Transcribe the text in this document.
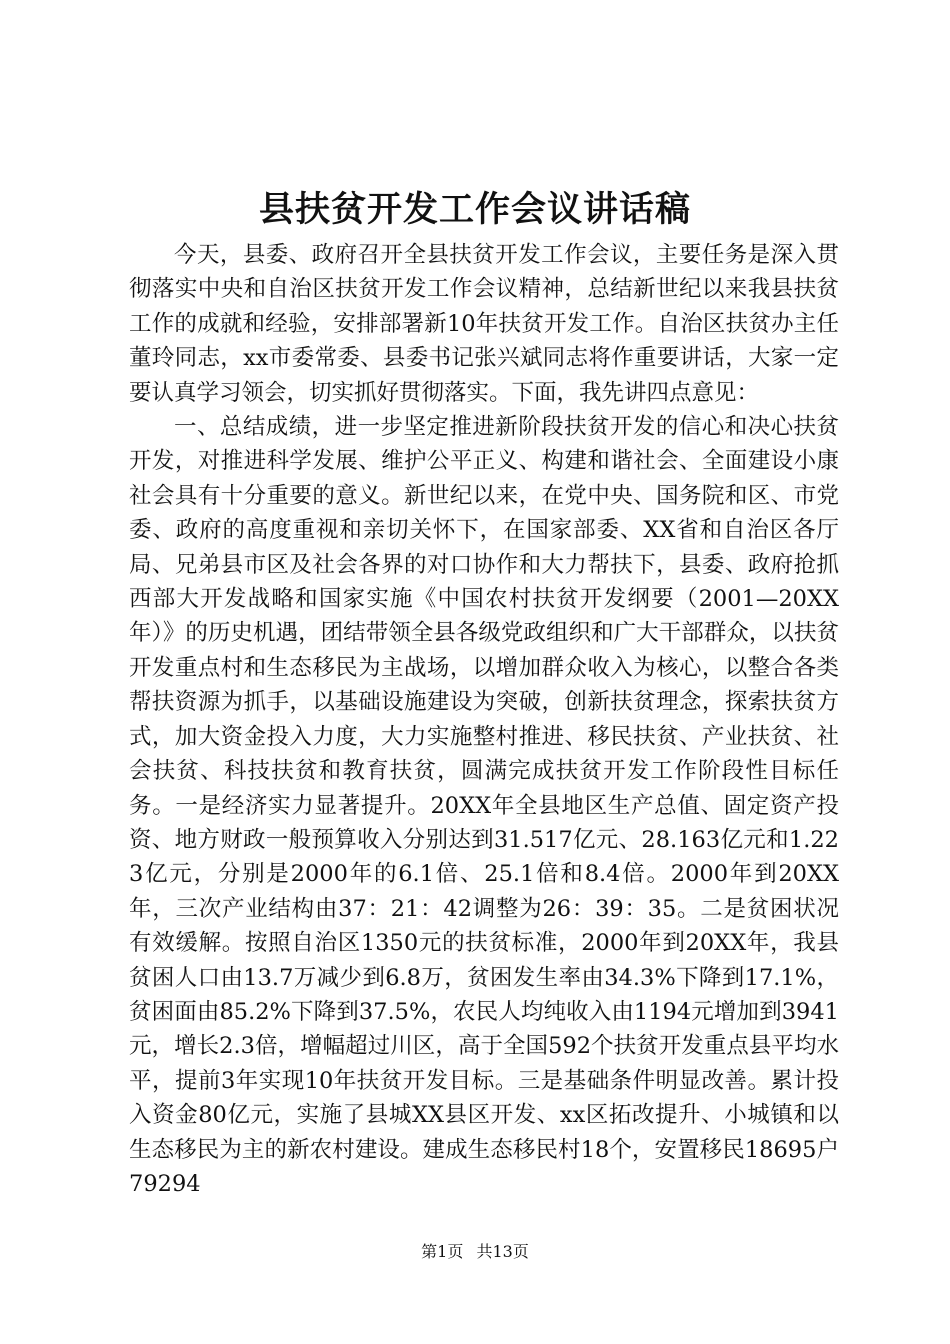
县扶贫开发工作会议讲话稿

今天，县委、政府召开全县扶贫开发工作会议，主要任务是深入贯彻落实中央和自治区扶贫开发工作会议精神，总结新世纪以来我县扶贫工作的成就和经验，安排部署新10年扶贫开发工作。自治区扶贫办主任董玲同志，xx市委常委、县委书记张兴斌同志将作重要讲话，大家一定要认真学习领会，切实抓好贯彻落实。下面，我先讲四点意见：

一、总结成绩，进一步坚定推进新阶段扶贫开发的信心和决心扶贫开发，对推进科学发展、维护公平正义、构建和谐社会、全面建设小康社会具有十分重要的意义。新世纪以来，在党中央、国务院和区、市党委、政府的高度重视和亲切关怀下，在国家部委、XX省和自治区各厅局、兄弟县市区及社会各界的对口协作和大力帮扶下，县委、政府抢抓西部大开发战略和国家实施《中国农村扶贫开发纲要（2001—20XX年）》的历史机遇，团结带领全县各级党政组织和广大干部群众，以扶贫开发重点村和生态移民为主战场，以增加群众收入为核心，以整合各类帮扶资源为抓手，以基础设施建设为突破，创新扶贫理念，探索扶贫方式，加大资金投入力度，大力实施整村推进、移民扶贫、产业扶贫、社会扶贫、科技扶贫和教育扶贫，圆满完成扶贫开发工作阶段性目标任务。一是经济实力显著提升。20XX年全县地区生产总值、固定资产投资、地方财政一般预算收入分别达到31.517亿元、28.163亿元和1.223亿元，分别是2000年的6.1倍、25.1倍和8.4倍。2000年到20XX年，三次产业结构由37：21：42调整为26：39：35。二是贫困状况有效缓解。按照自治区1350元的扶贫标准，2000年到20XX年，我县贫困人口由13.7万减少到6.8万，贫困发生率由34.3%下降到17.1%，贫困面由85.2%下降到37.5%，农民人均纯收入由1194元增加到3941元，增长2.3倍，增幅超过川区，高于全国592个扶贫开发重点县平均水平，提前3年实现10年扶贫开发目标。三是基础条件明显改善。累计投入资金80亿元，实施了县城XX县区开发、xx区拓改提升、小城镇和以生态移民为主的新农村建设。建成生态移民村18个，安置移民18695户79294

第1页 共13页
